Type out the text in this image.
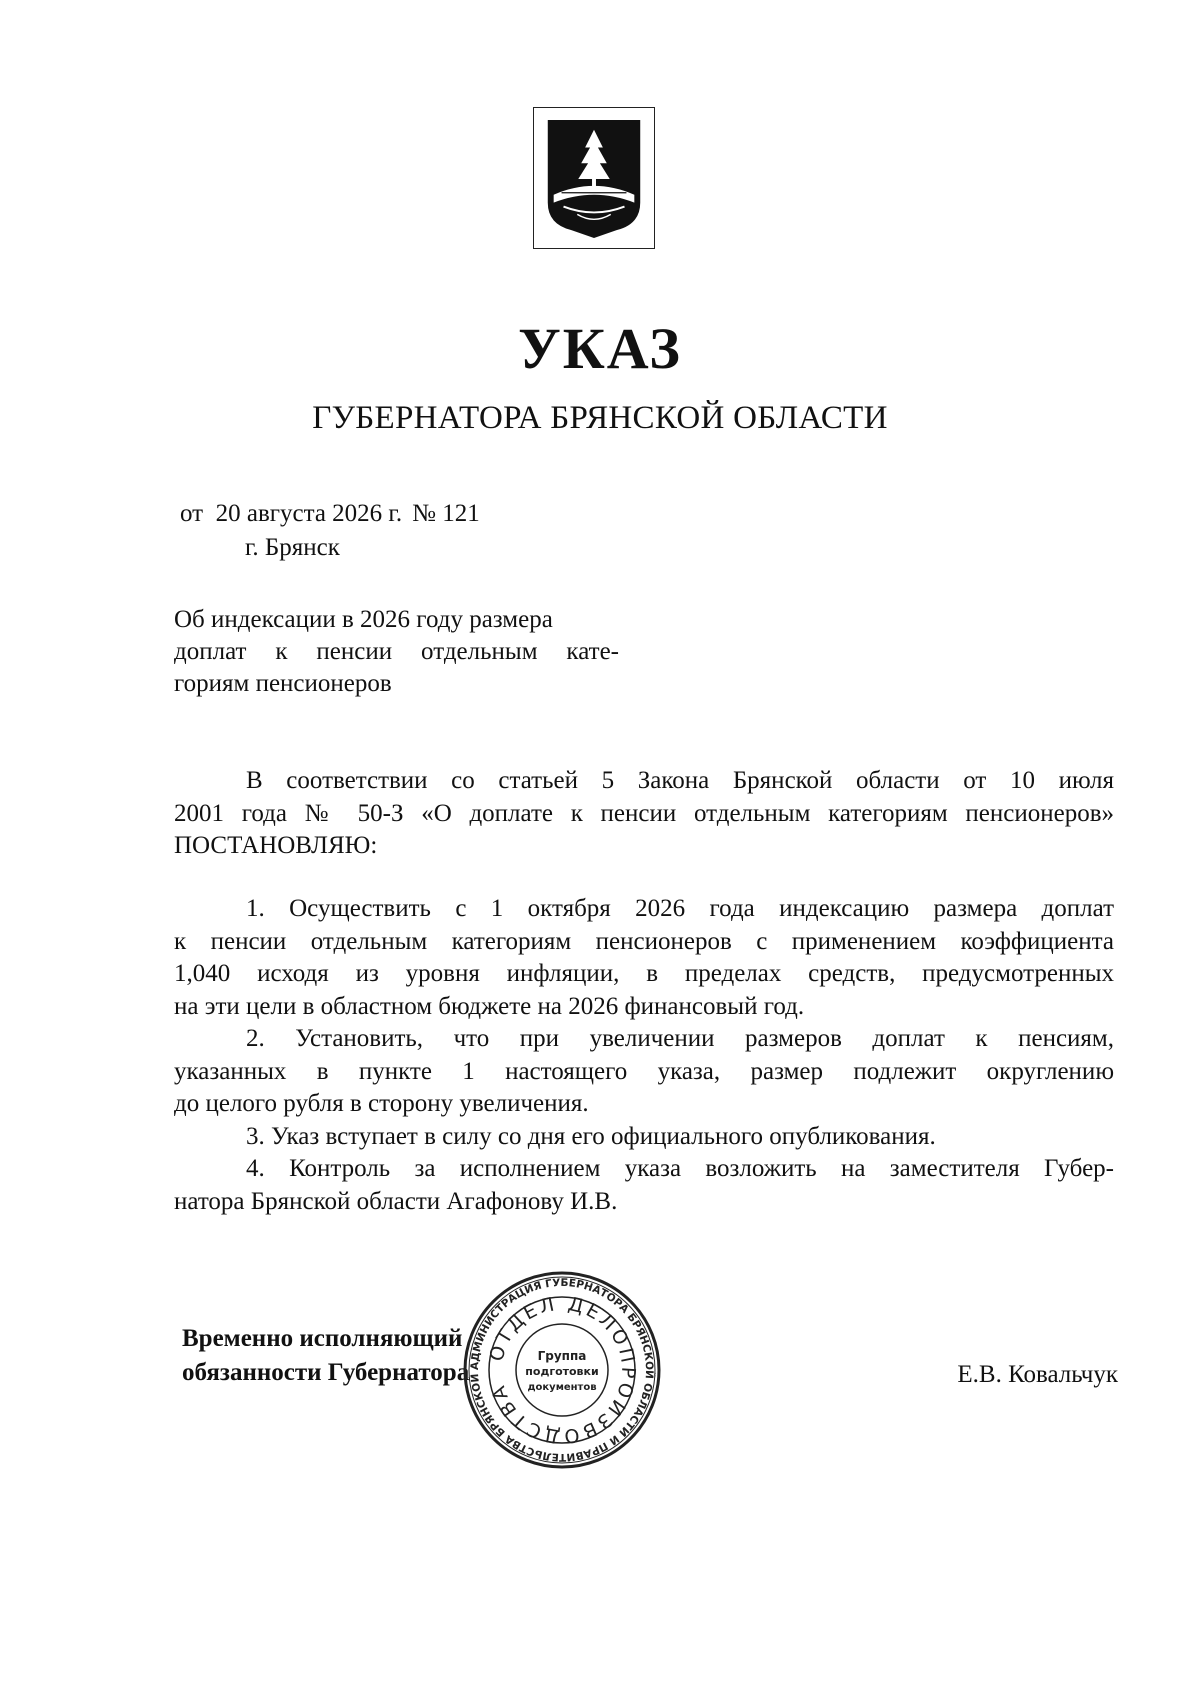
УКАЗ
ГУБЕРНАТОРА БРЯНСКОЙ ОБЛАСТИ
от  20 августа 2026 г. № 121
г. Брянск
Об индексации в 2026 году размера
доплат к пенсии отдельным кате-
гориям пенсионеров
В соответствии со статьей 5 Закона Брянской области от 10 июля
2001 года № 50-З «О доплате к пенсии отдельным категориям пенсионеров»
ПОСТАНОВЛЯЮ:
1. Осуществить с 1 октября 2026 года индексацию размера доплат
к пенсии отдельным категориям пенсионеров с применением коэффициента
1,040 исходя из уровня инфляции, в пределах средств, предусмотренных
на эти цели в областном бюджете на 2026 финансовый год.
2. Установить, что при увеличении размеров доплат к пенсиям,
указанных в пункте 1 настоящего указа, размер подлежит округлению
до целого рубля в сторону увеличения.
3. Указ вступает в силу со дня его официального опубликования.
4. Контроль за исполнением указа возложить на заместителя Губер-
натора Брянской области Агафонову И.В.
Временно исполняющий
обязанности Губернатора АДМИНИСТРАЦИЯ ГУБЕРНАТОРА БРЯНСКОЙ ОБЛАСТИ И ПРАВИТЕЛЬСТВА БРЯНСКОЙ
ОТДЕЛ ДЕЛОПРОИЗВОДСТВА
Группа
подготовки
документов	Е.В. Ковальчук
